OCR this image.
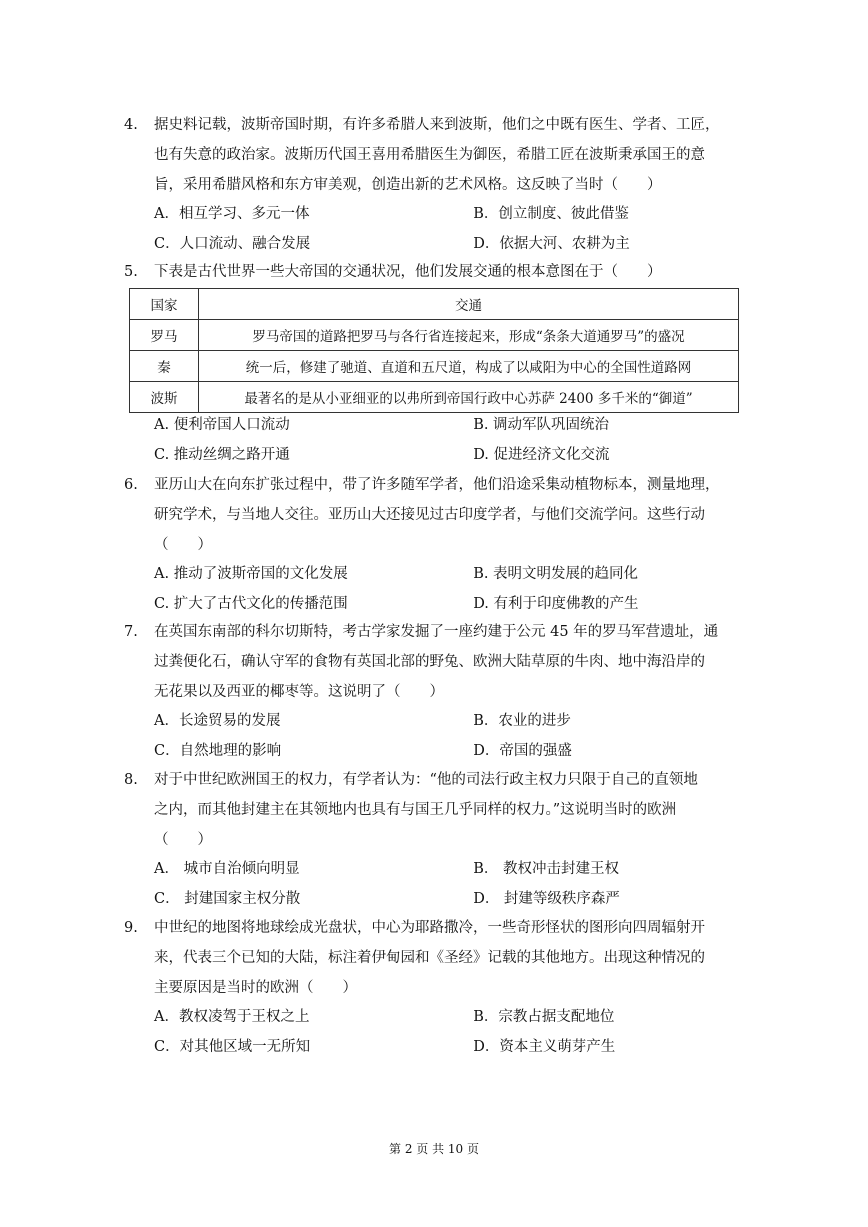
4. 据史料记载，波斯帝国时期，有许多希腊人来到波斯，他们之中既有医生、学者、工匠，

也有失意的政治家。波斯历代国王喜用希腊医生为御医，希腊工匠在波斯秉承国王的意

旨，采用希腊风格和东方审美观，创造出新的艺术风格。这反映了当时（　　）

A．相互学习、多元一体	B．创立制度、彼此借鉴
C．人口流动、融合发展	D．依据大河、农耕为主
5. 下表是古代世界一些大帝国的交通状况，他们发展交通的根本意图在于（　　）

国家	交通
罗马	罗马帝国的道路把罗马与各行省连接起来，形成“条条大道通罗马”的盛况
秦	统一后，修建了驰道、直道和五尺道，构成了以咸阳为中心的全国性道路网
波斯	最著名的是从小亚细亚的以弗所到帝国行政中心苏萨 2400 多千米的“御道”
A. 便利帝国人口流动	B. 调动军队巩固统治
C. 推动丝绸之路开通	D. 促进经济文化交流
6. 亚历山大在向东扩张过程中，带了许多随军学者，他们沿途采集动植物标本，测量地理，

研究学术，与当地人交往。亚历山大还接见过古印度学者，与他们交流学问。这些行动

（　　）

A. 推动了波斯帝国的文化发展	B. 表明文明发展的趋同化
C. 扩大了古代文化的传播范围	D. 有利于印度佛教的产生
7. 在英国东南部的科尔切斯特，考古学家发掘了一座约建于公元 45 年的罗马军营遗址，通

过粪便化石，确认守军的食物有英国北部的野兔、欧洲大陆草原的牛肉、地中海沿岸的

无花果以及西亚的椰枣等。这说明了（　　）

A．长途贸易的发展	B．农业的进步
C．自然地理的影响	D．帝国的强盛
8. 对于中世纪欧洲国王的权力，有学者认为：“他的司法行政主权力只限于自己的直领地

之内，而其他封建主在其领地内也具有与国王几乎同样的权力。”这说明当时的欧洲

（　　）

A． 城市自治倾向明显	B． 教权冲击封建王权
C． 封建国家主权分散	D． 封建等级秩序森严
9. 中世纪的地图将地球绘成光盘状，中心为耶路撒冷，一些奇形怪状的图形向四周辐射开

来，代表三个已知的大陆，标注着伊甸园和《圣经》记载的其他地方。出现这种情况的

主要原因是当时的欧洲（　　）

A．教权凌驾于王权之上	B．宗教占据支配地位
C．对其他区域一无所知	D．资本主义萌芽产生
第 2 页 共 10 页
